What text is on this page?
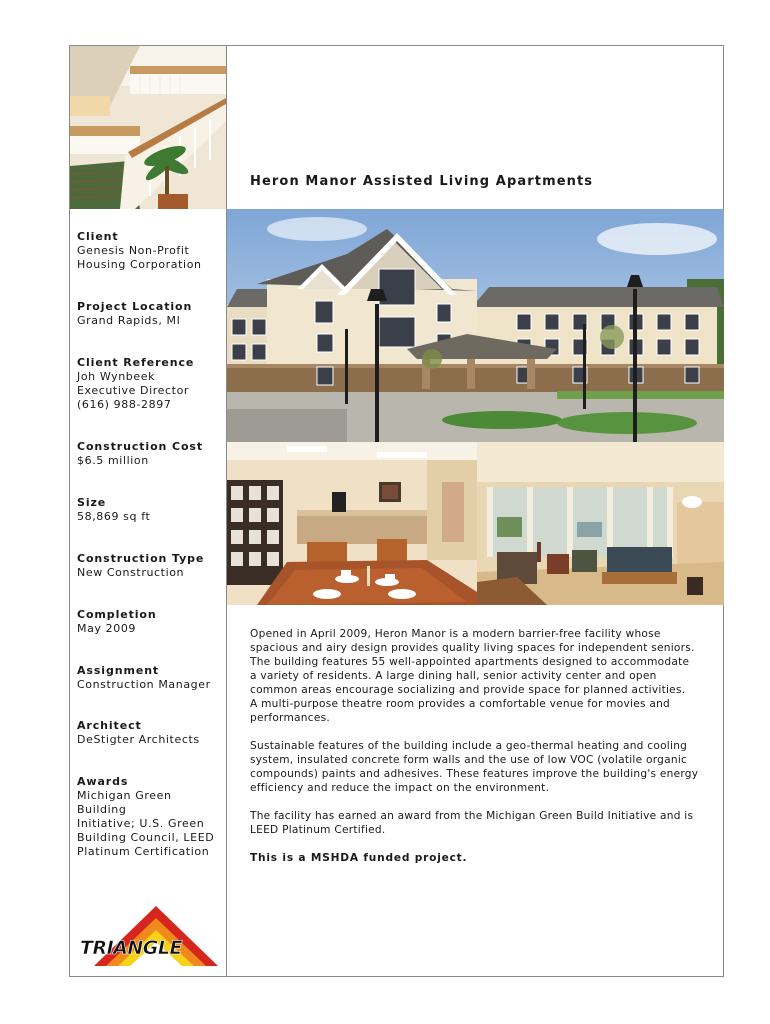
Heron Manor Assisted Living Apartments
Client
Genesis Non-Profit
Housing Corporation
Project Location
Grand Rapids, MI
Client Reference
Joh Wynbeek
Executive Director
(616) 988-2897
Construction Cost
$6.5 million
Size
58,869 sq ft
Construction Type
New Construction
Completion
May 2009
Assignment
Construction Manager
Architect
DeStigter Architects
Awards
Michigan Green Building
Initiative; U.S. Green
Building Council, LEED
Platinum Certification

Opened in April 2009, Heron Manor is a modern barrier-free facility whose
spacious and airy design provides quality living spaces for independent seniors.
The building features 55 well-appointed apartments designed to accommodate
a variety of residents. A large dining hall, senior activity center and open
common areas encourage socializing and provide space for planned activities.
A multi-purpose theatre room provides a comfortable venue for movies and
performances.

Sustainable features of the building include a geo-thermal heating and cooling
system, insulated concrete form walls and the use of low VOC (volatile organic
compounds) paints and adhesives. These features improve the building's energy
efficiency and reduce the impact on the environment.

The facility has earned an award from the Michigan Green Build Initiative and is
LEED Platinum Certified.

This is a MSHDA funded project.

TRIANGLE
